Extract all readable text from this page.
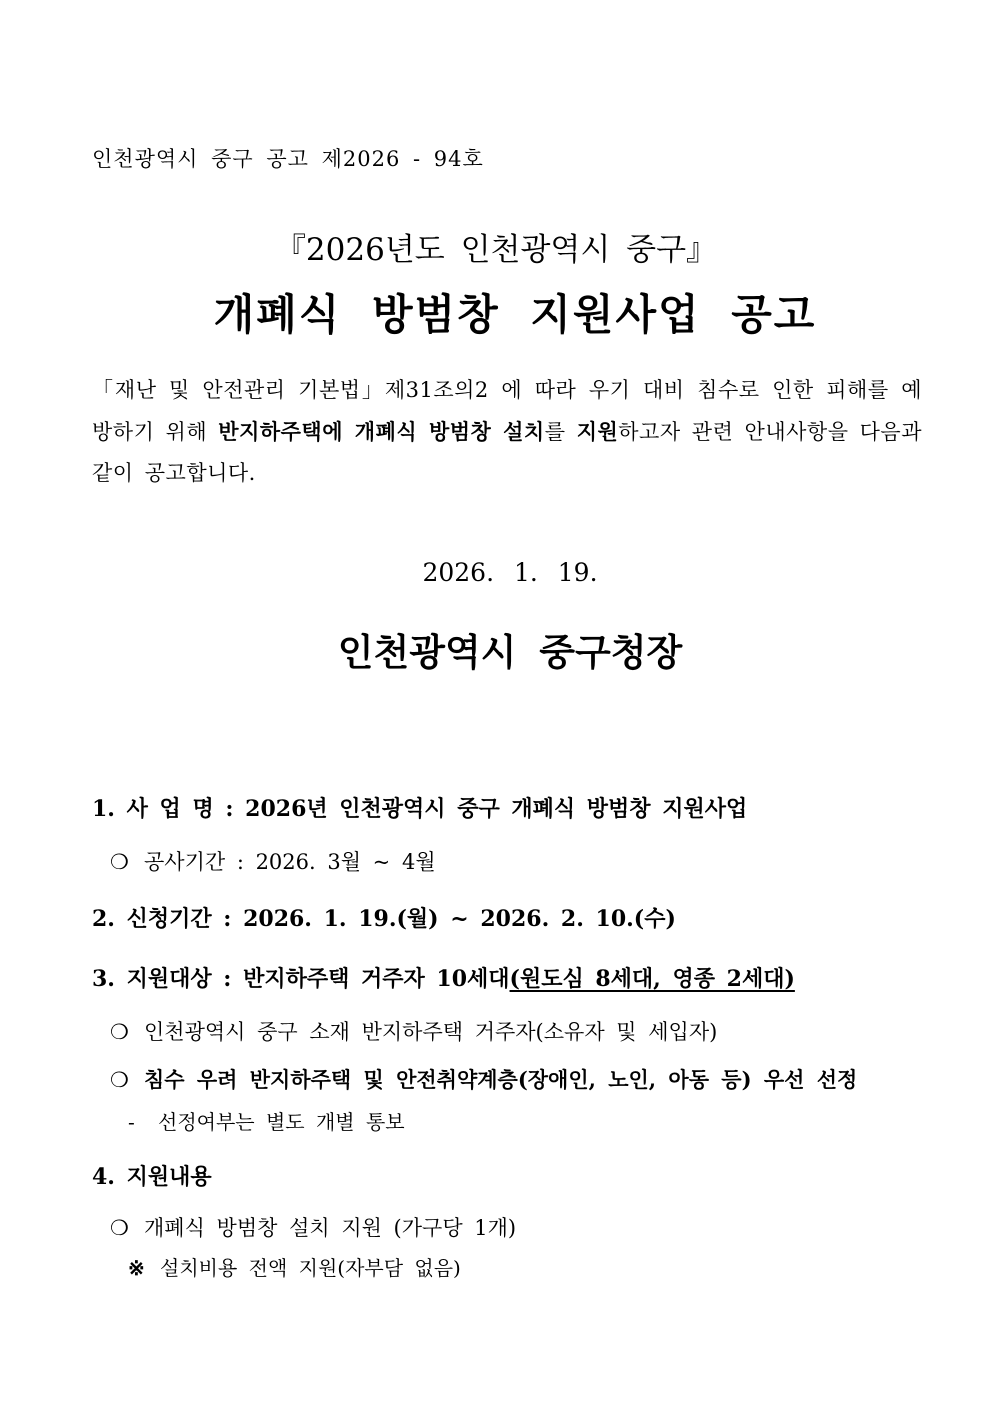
인천광역시 중구 공고 제2026 - 94호
『2026년도 인천광역시 중구』
개폐식 방범창 지원사업 공고
「재난 및 안전관리 기본법」제31조의2 에 따라 우기 대비 침수로 인한 피해를 예방하기 위해 반지하주택에 개폐식 방범창 설치를 지원하고자 관련 안내사항을 다음과 같이 공고합니다.
2026. 1. 19.
인천광역시 중구청장
1. 사 업 명 : 2026년 인천광역시 중구 개폐식 방범창 지원사업
❍ 공사기간 : 2026. 3월 ~ 4월
2. 신청기간 : 2026. 1. 19.(월) ~ 2026. 2. 10.(수)
3. 지원대상 : 반지하주택 거주자 10세대(원도심 8세대, 영종 2세대)
❍ 인천광역시 중구 소재 반지하주택 거주자(소유자 및 세입자)
❍ 침수 우려 반지하주택 및 안전취약계층(장애인, 노인, 아동 등) 우선 선정
- 선정여부는 별도 개별 통보
4. 지원내용
❍ 개폐식 방범창 설치 지원 (가구당 1개)
※ 설치비용 전액 지원(자부담 없음)
